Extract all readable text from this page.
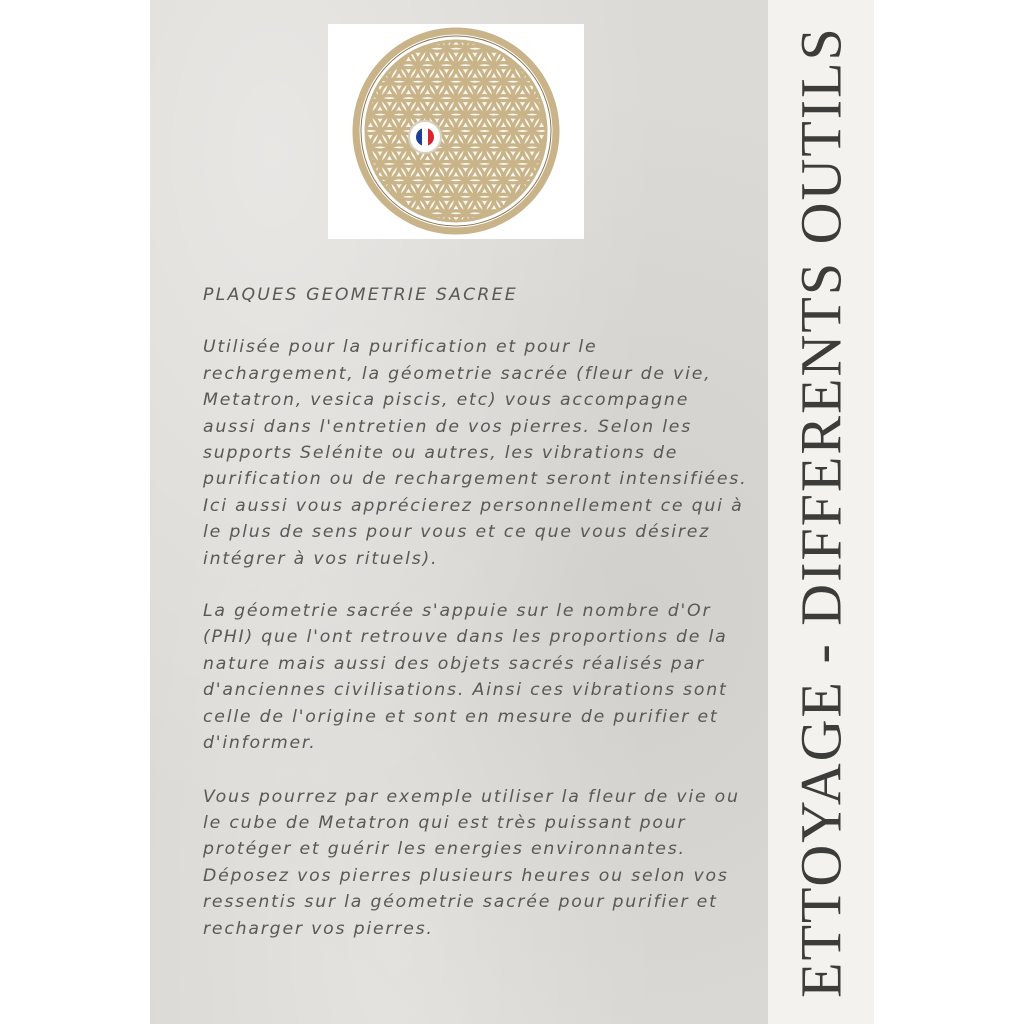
ETTOYAGE - DIFFERENTS OUTILS

PLAQUES GEOMETRIE SACREE

Utilisée pour la purification et pour le rechargement, la géometrie sacrée (fleur de vie, Metatron, vesica piscis, etc) vous accompagne aussi dans l'entretien de vos pierres. Selon les supports Selénite ou autres, les vibrations de purification ou de rechargement seront intensifiées. Ici aussi vous apprécierez personnellement ce qui à le plus de sens pour vous et ce que vous désirez intégrer à vos rituels).

La géometrie sacrée s'appuie sur le nombre d'Or (PHI) que l'ont retrouve dans les proportions de la nature mais aussi des objets sacrés réalisés par d'anciennes civilisations. Ainsi ces vibrations sont celle de l'origine et sont en mesure de purifier et d'informer.

Vous pourrez par exemple utiliser la fleur de vie ou le cube de Metatron qui est très puissant pour protéger et guérir les energies environnantes. Déposez vos pierres plusieurs heures ou selon vos ressentis sur la géometrie sacrée pour purifier et recharger vos pierres.
